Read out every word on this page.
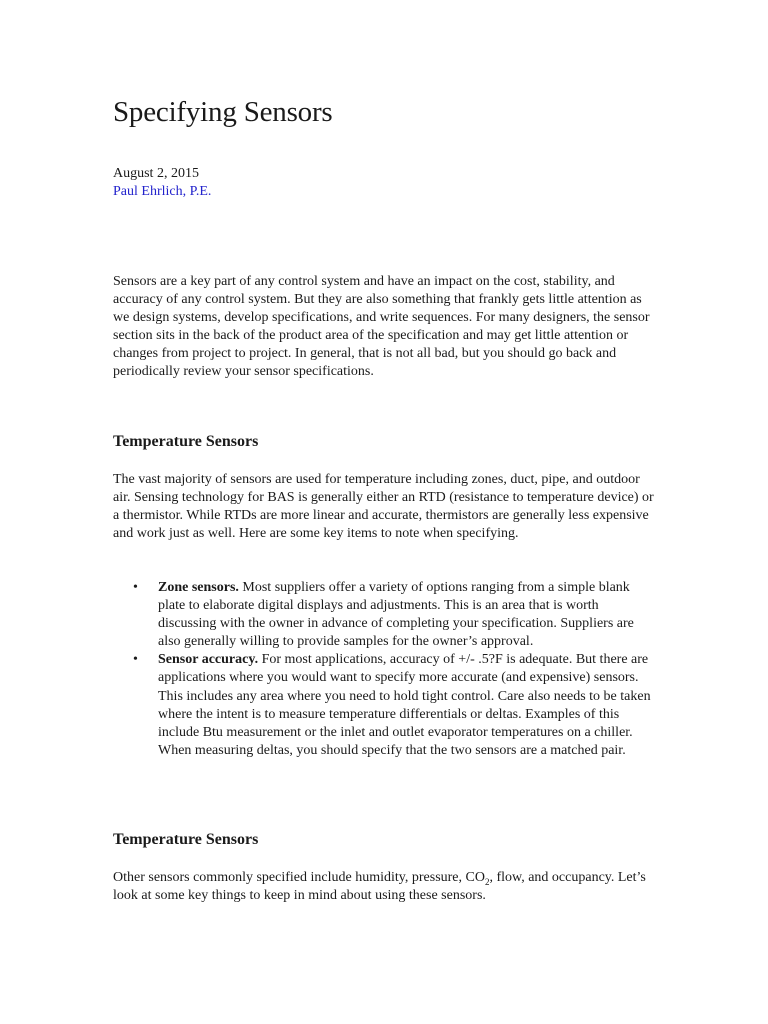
Specifying Sensors
August 2, 2015
Paul Ehrlich, P.E.

Sensors are a key part of any control system and have an impact on the cost, stability, and accuracy of any control system. But they are also something that frankly gets little attention as we design systems, develop specifications, and write sequences. For many designers, the sensor section sits in the back of the product area of the specification and may get little attention or changes from project to project. In general, that is not all bad, but you should go back and periodically review your sensor specifications.

Temperature Sensors

The vast majority of sensors are used for temperature including zones, duct, pipe, and outdoor air. Sensing technology for BAS is generally either an RTD (resistance to temperature device) or a thermistor. While RTDs are more linear and accurate, thermistors are generally less expensive and work just as well. Here are some key items to note when specifying.

• Zone sensors. Most suppliers offer a variety of options ranging from a simple blank plate to elaborate digital displays and adjustments. This is an area that is worth discussing with the owner in advance of completing your specification. Suppliers are also generally willing to provide samples for the owner’s approval.
• Sensor accuracy. For most applications, accuracy of +/- .5?F is adequate. But there are applications where you would want to specify more accurate (and expensive) sensors. This includes any area where you need to hold tight control. Care also needs to be taken where the intent is to measure temperature differentials or deltas. Examples of this include Btu measurement or the inlet and outlet evaporator temperatures on a chiller. When measuring deltas, you should specify that the two sensors are a matched pair.
Temperature Sensors

Other sensors commonly specified include humidity, pressure, $CO_2$, flow, and occupancy. Let’s look at some key things to keep in mind about using these sensors.
